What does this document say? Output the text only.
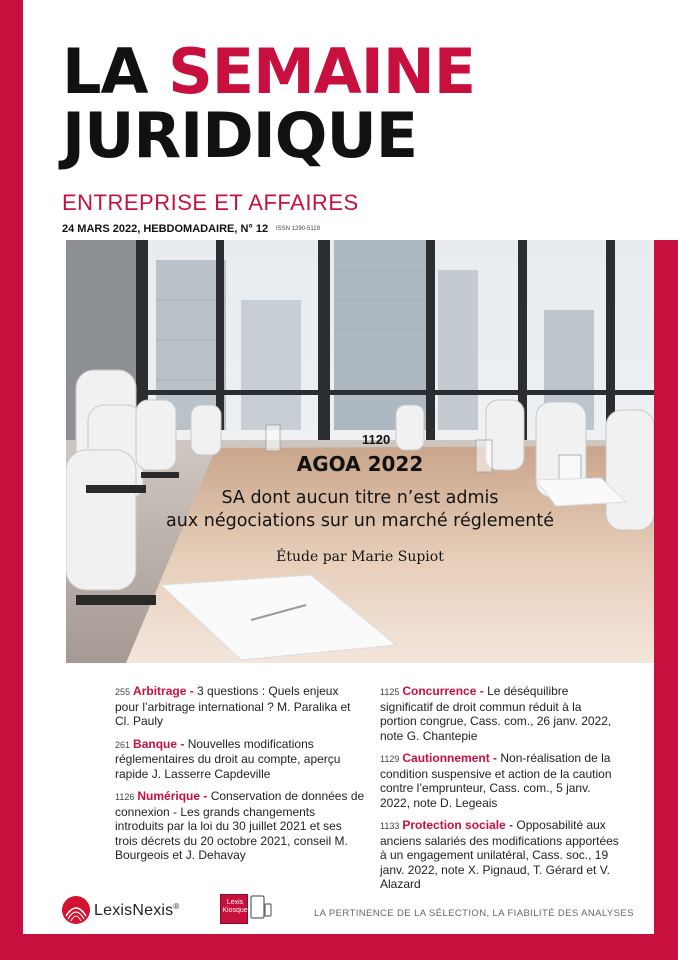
LA SEMAINE
JURIDIQUE
ENTREPRISE ET AFFAIRES
24 MARS 2022, HEBDOMADAIRE, N° 12 ISSN 1290-5119
1120
AGOA 2022
SA dont aucun titre n’est admis
aux négociations sur un marché réglementé
Étude par Marie Supiot
255 Arbitrage - 3 questions : Quels enjeux pour l’arbitrage international ? M. Paralika et Cl. Pauly
261 Banque - Nouvelles modifications réglementaires du droit au compte, aperçu rapide J. Lasserre Capdeville
1126 Numérique - Conservation de données de connexion - Les grands changements introduits par la loi du 30 juillet 2021 et ses trois décrets du 20 octobre 2021, conseil M. Bourgeois et J. Dehavay
1125 Concurrence - Le déséquilibre significatif de droit commun réduit à la portion congrue, Cass. com., 26 janv. 2022, note G. Chantepie
1129 Cautionnement - Non-réalisation de la condition suspensive et action de la caution contre l’emprunteur, Cass. com., 5 janv. 2022, note D. Legeais
1133 Protection sociale - Opposabilité aux anciens salariés des modifications apportées à un engagement unilatéral, Cass. soc., 19 janv. 2022, note X. Pignaud, T. Gérard et V. Alazard
LexisNexis®	Lexis
Kiosque	LA PERTINENCE DE LA SÉLECTION, LA FIABILITÉ DES ANALYSES
